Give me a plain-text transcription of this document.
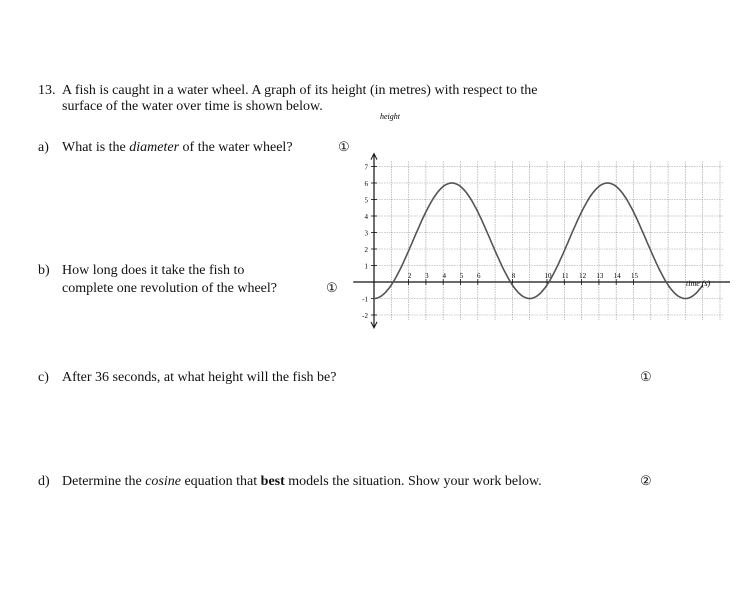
13. A fish is caught in a water wheel. A graph of its height (in metres) with respect to the
surface of the water over time is shown below.
a) What is the diameter of the water wheel?	①
b) How long does it take the fish to
complete one revolution of the wheel?	①
c) After 36 seconds, at what height will the fish be?	①
d) Determine the cosine equation that best models the situation. Show your work below.	②
-2
-1
1
2
3
4
5
6
7
2 3 4 5 6	8	10 11 12 13 14 15
height
time (s)
